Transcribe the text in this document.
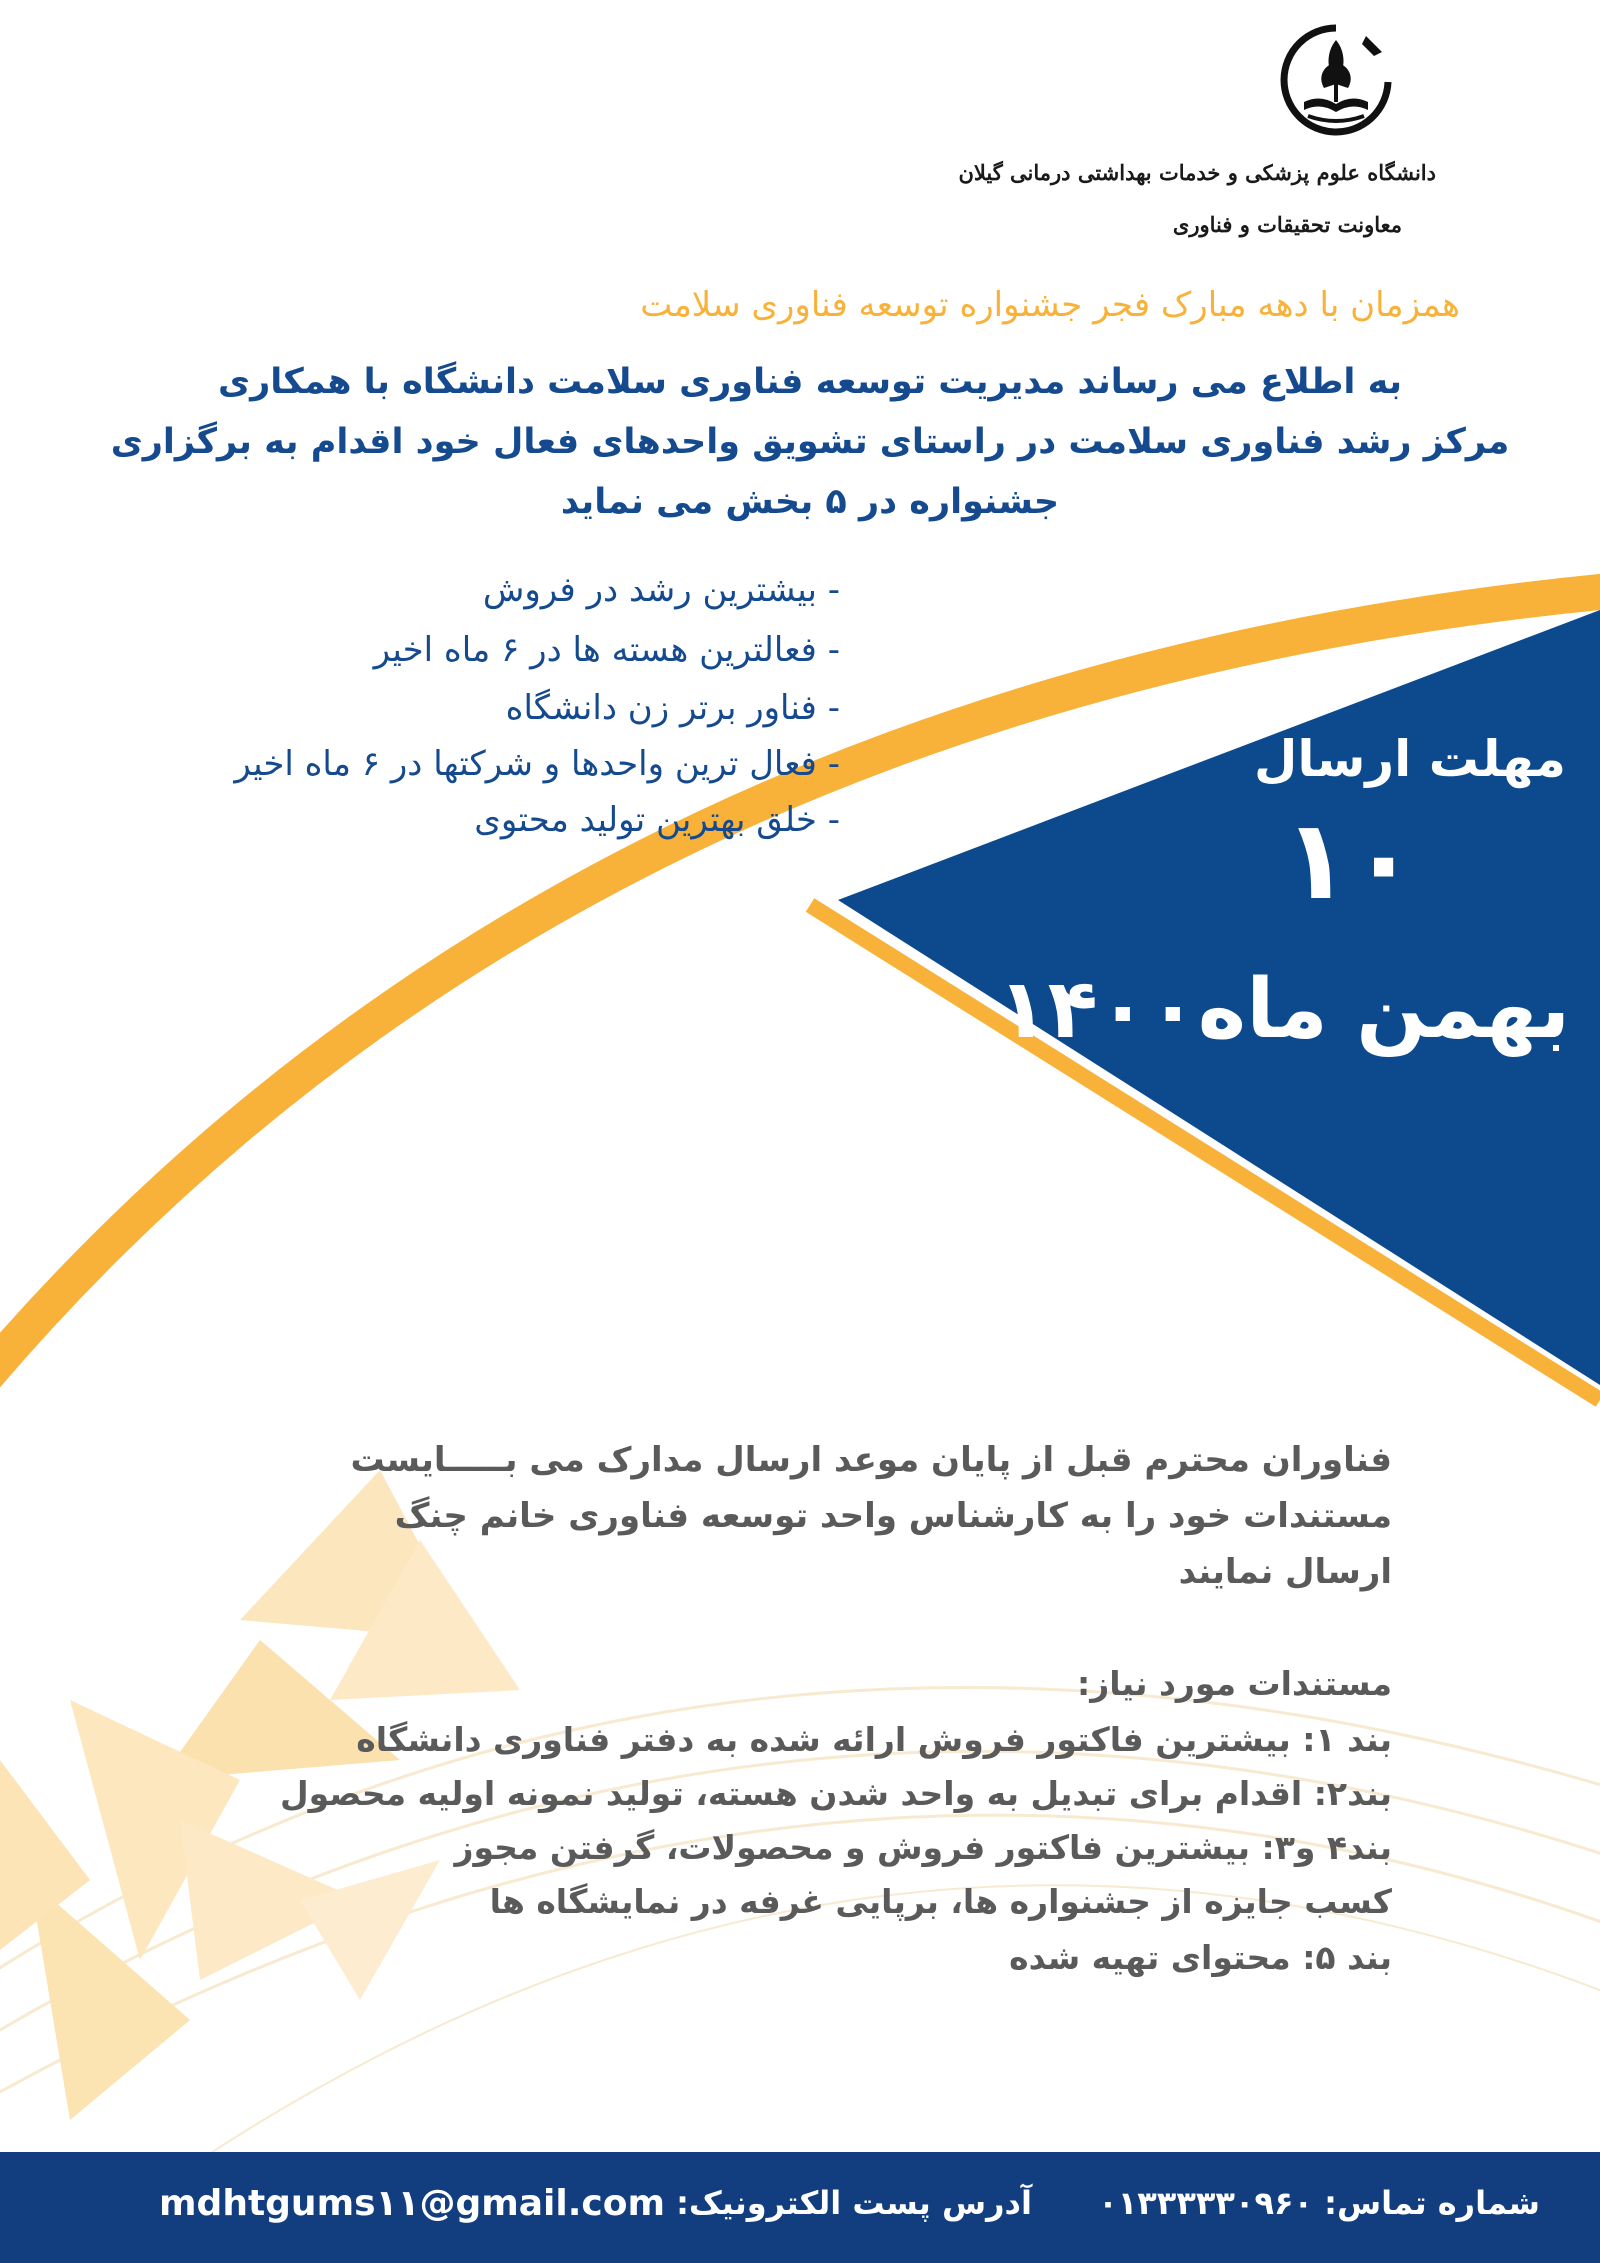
دانشگاه علوم پزشکی و خدمات بهداشتی درمانی گیلان
معاونت تحقیقات و فناوری
همزمان با دهه مبارک فجر جشنواره توسعه فناوری سلامت
به اطلاع می رساند مدیریت توسعه فناوری سلامت دانشگاه با همکاری
مرکز رشد فناوری سلامت در راستای تشویق واحدهای فعال خود اقدام به برگزاری
جشنواره در ۵ بخش می نماید
- بیشترین رشد در فروش
- فعالترین هسته ها در ۶ ماه اخیر
- فناور برتر زن دانشگاه
- فعال ترین واحدها و شرکتها در ۶ ماه اخیر
- خلق بهترین تولید محتوی
مهلت ارسال
۱۰
بهمن ماه۱۴۰۰
فناوران محترم قبل از پایان موعد ارسال مدارک می بـــــایست
مستندات خود را به کارشناس واحد توسعه فناوری خانم چنگ
ارسال نمایند
مستندات مورد نیاز:
بند ۱: بیشترین فاکتور فروش ارائه شده به دفتر فناوری دانشگاه
بند۲: اقدام برای تبدیل به واحد شدن هسته، تولید نمونه اولیه محصول
بند۴ و۳: بیشترین فاکتور فروش و محصولات، گرفتن مجوز
کسب جایزه از جشنواره ها، برپایی غرفه در نمایشگاه ها
بند ۵: محتوای تهیه شده
شماره تماس: ۰۱۳۳۳۳۳۰۹۶۰  آدرس پست الکترونیک: mdhtgums۱۱@gmail.com
